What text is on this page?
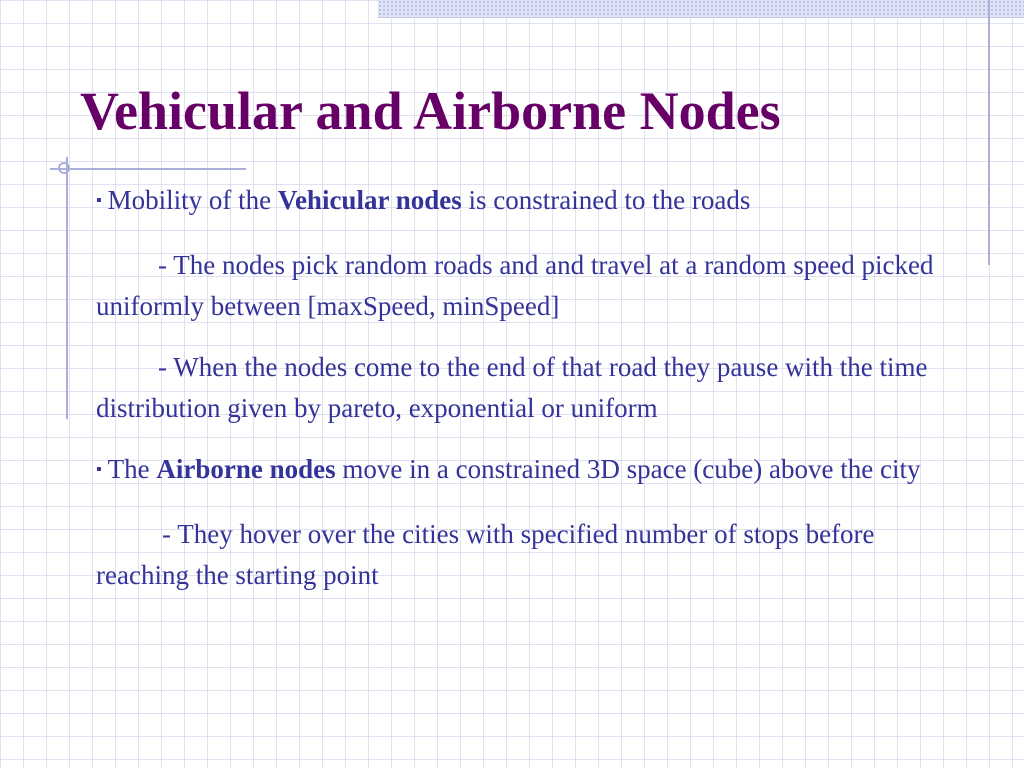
Vehicular and Airborne Nodes

▪ Mobility of the Vehicular nodes is constrained to the roads

- The nodes pick random roads and and travel at a random speed picked uniformly between [maxSpeed, minSpeed]

- When the nodes come to the end of that road they pause with the time distribution given by pareto, exponential or uniform

▪ The Airborne nodes move in a constrained 3D space (cube) above the city

- They hover over the cities with specified number of stops before reaching the starting point
